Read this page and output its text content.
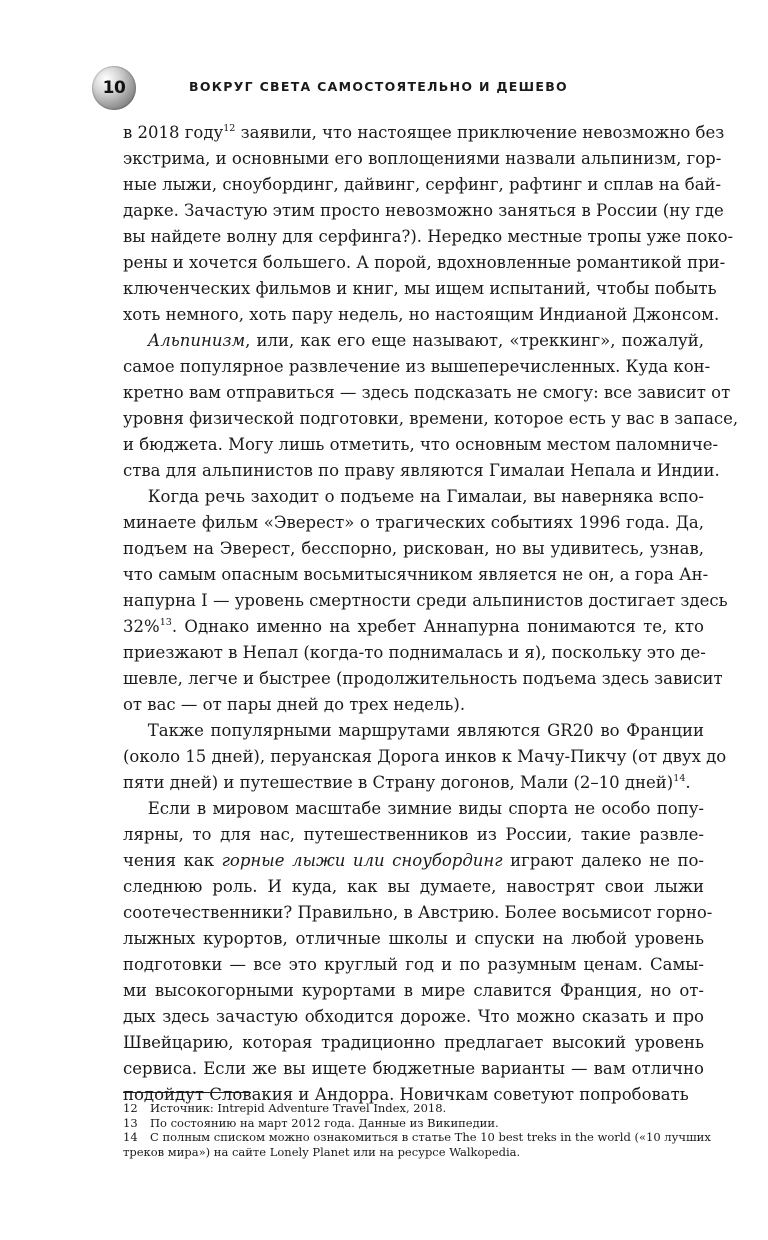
10	ВОКРУГ СВЕТА САМОСТОЯТЕЛЬНО И ДЕШЕВО
в 2018 году$^{12}$ заявили, что настоящее приключение невозможно без
экстрима, и основными его воплощениями назвали альпинизм, гор-
ные лыжи, сноубординг, дайвинг, серфинг, рафтинг и сплав на бай-
дарке. Зачастую этим просто невозможно заняться в России (ну где
вы найдете волну для серфинга?). Нередко местные тропы уже поко-
рены и хочется большего. А порой, вдохновленные романтикой при-
ключенческих фильмов и книг, мы ищем испытаний, чтобы побыть
хоть немного, хоть пару недель, но настоящим Индианой Джонсом.
  Альпинизм, или, как его еще называют, «треккинг», пожалуй,
самое популярное развлечение из вышеперечисленных. Куда кон-
кретно вам отправиться — здесь подсказать не смогу: все зависит от
уровня физической подготовки, времени, которое есть у вас в запасе,
и бюджета. Могу лишь отметить, что основным местом паломниче-
ства для альпинистов по праву являются Гималаи Непала и Индии.
  Когда речь заходит о подъеме на Гималаи, вы наверняка вспо-
минаете фильм «Эверест» о трагических событиях 1996 года. Да,
подъем на Эверест, бесспорно, рискован, но вы удивитесь, узнав,
что самым опасным восьмитысячником является не он, а гора Ан-
напурна I — уровень смертности среди альпинистов достигает здесь
32%$^{13}$. Однако именно на хребет Аннапурна понимаются те, кто
приезжают в Непал (когда-то поднималась и я), поскольку это де-
шевле, легче и быстрее (продолжительность подъема здесь зависит
от вас — от пары дней до трех недель).
  Также популярными маршрутами являются GR20 во Франции
(около 15 дней), перуанская Дорога инков к Мачу-Пикчу (от двух до
пяти дней) и путешествие в Страну догонов, Мали (2–10 дней)$^{14}$.
  Если в мировом масштабе зимние виды спорта не особо попу-
лярны, то для нас, путешественников из России, такие развле-
чения как горные лыжи или сноубординг играют далеко не по-
следнюю роль. И куда, как вы думаете, навострят свои лыжи
соотечественники? Правильно, в Австрию. Более восьмисот горно-
лыжных курортов, отличные школы и спуски на любой уровень
подготовки — все это круглый год и по разумным ценам. Самы-
ми высокогорными курортами в мире славится Франция, но от-
дых здесь зачастую обходится дороже. Что можно сказать и про
Швейцарию, которая традиционно предлагает высокий уровень
сервиса. Если же вы ищете бюджетные варианты — вам отлично
подойдут Словакия и Андорра. Новичкам советуют попробовать
12 Источник: Intrepid Adventure Travel Index, 2018.
13 По состоянию на март 2012 года. Данные из Википедии.
14 С полным списком можно ознакомиться в статье The 10 best treks in the world («10 лучших
треков мира») на сайте Lonely Planet или на ресурсе Walkopedia.
